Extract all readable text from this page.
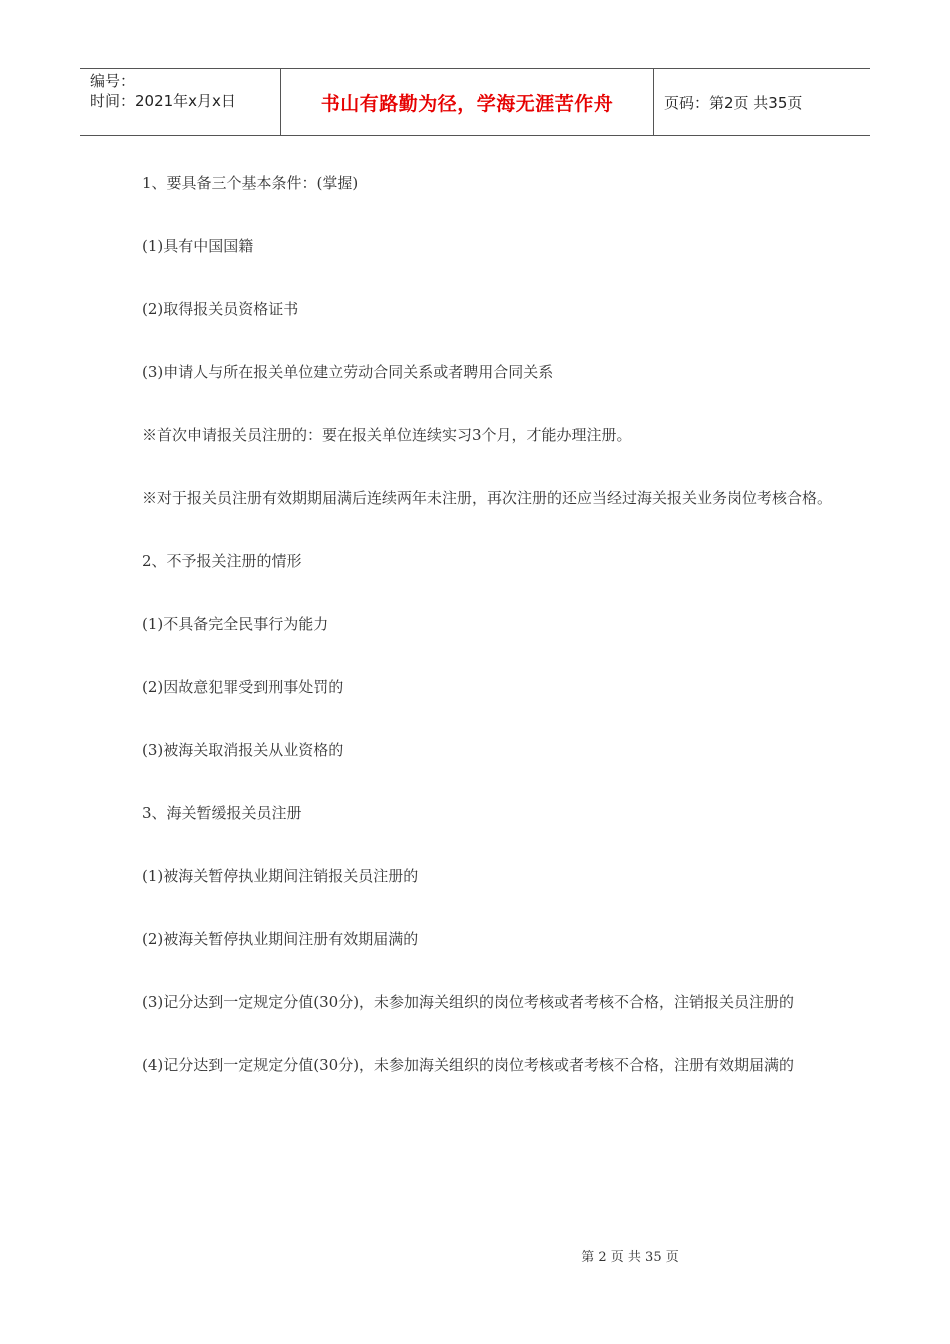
编号：
时间：2021年x月x日	书山有路勤为径，学海无涯苦作舟	页码：第2页 共35页

1、要具备三个基本条件：(掌握)

(1)具有中国国籍

(2)取得报关员资格证书

(3)申请人与所在报关单位建立劳动合同关系或者聘用合同关系

※首次申请报关员注册的：要在报关单位连续实习3个月，才能办理注册。

※对于报关员注册有效期期届满后连续两年未注册，再次注册的还应当经过海关报关业务岗位考核合格。

2、不予报关注册的情形

(1)不具备完全民事行为能力

(2)因故意犯罪受到刑事处罚的

(3)被海关取消报关从业资格的

3、海关暂缓报关员注册

(1)被海关暂停执业期间注销报关员注册的

(2)被海关暂停执业期间注册有效期届满的

(3)记分达到一定规定分值(30分)，未参加海关组织的岗位考核或者考核不合格，注销报关员注册的

(4)记分达到一定规定分值(30分)，未参加海关组织的岗位考核或者考核不合格，注册有效期届满的

第 2 页 共 35 页
